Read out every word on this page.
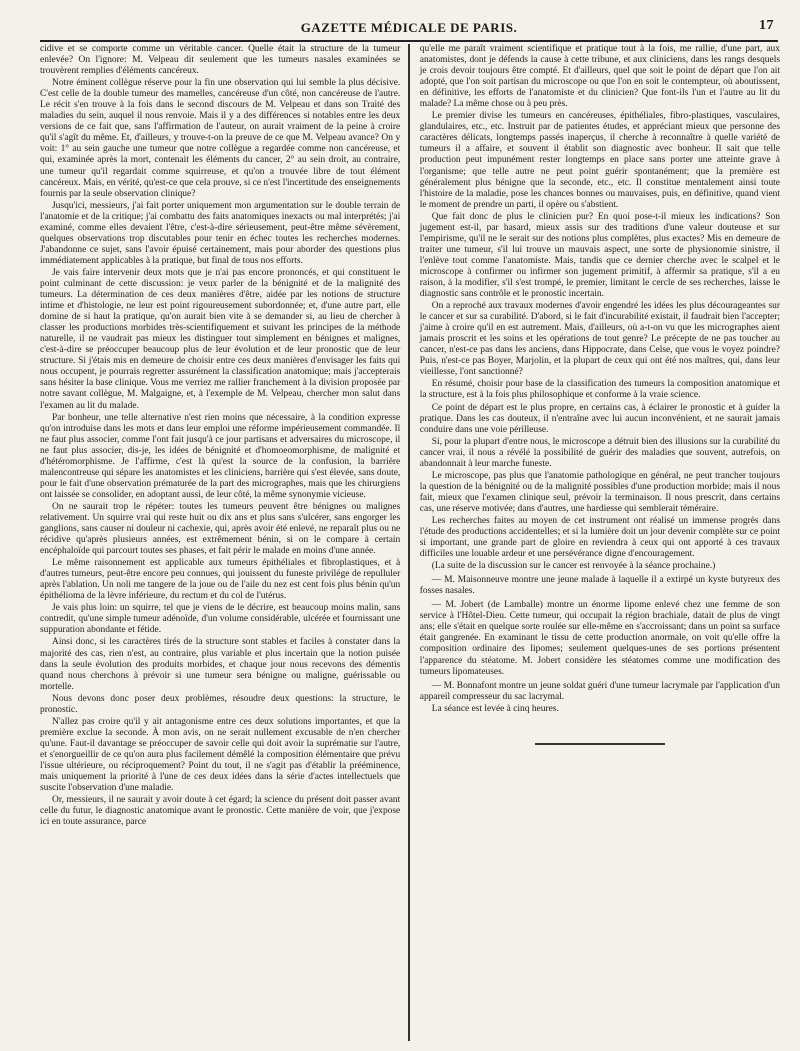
GAZETTE MÉDICALE DE PARIS.	17

cidive et se comporte comme un véritable cancer. Quelle était la structure de la tumeur enlevée? On l'ignore: M. Velpeau dit seulement que les tumeurs nasales examinées se trouvèrent remplies d'éléments cancéreux.

Notre éminent collègue réserve pour la fin une observation qui lui semble la plus décisive. C'est celle de la double tumeur des mamelles, cancéreuse d'un côté, non cancéreuse de l'autre. Le récit s'en trouve à la fois dans le second discours de M. Velpeau et dans son Traité des maladies du sein, auquel il nous renvoie. Mais il y a des différences si notables entre les deux versions de ce fait que, sans l'affirmation de l'auteur, on aurait vraiment de la peine à croire qu'il s'agît du même. Et, d'ailleurs, y trouve-t-on la preuve de ce que M. Velpeau avance? On y voit: 1° au sein gauche une tumeur que notre collègue a regardée comme non cancéreuse, et qui, examinée après la mort, contenait les éléments du cancer, 2° au sein droit, au contraire, une tumeur qu'il regardait comme squirreuse, et qu'on a trouvée libre de tout élément cancéreux. Mais, en vérité, qu'est-ce que cela prouve, si ce n'est l'incertitude des enseignements fournis par la seule observation clinique?

Jusqu'ici, messieurs, j'ai fait porter uniquement mon argumentation sur le double terrain de l'anatomie et de la critique; j'ai combattu des faits anatomiques inexacts ou mal interprétés; j'ai examiné, comme elles devaient l'être, c'est-à-dire sérieusement, peut-être même sévèrement, quelques observations trop discutables pour tenir en échec toutes les recherches modernes. J'abandonne ce sujet, sans l'avoir épuisé certainement, mais pour aborder des questions plus immédiatement applicables à la pratique, but final de tous nos efforts.

Je vais faire intervenir deux mots que je n'ai pas encore prononcés, et qui constituent le point culminant de cette discussion: je veux parler de la bénignité et de la malignité des tumeurs. La détermination de ces deux manières d'être, aidée par les notions de structure intime et d'histologie, ne leur est point rigoureusement subordonnée; et, d'une autre part, elle domine de si haut la pratique, qu'on aurait bien vite à se demander si, au lieu de chercher à classer les productions morbides très-scientifiquement et suivant les principes de la méthode naturelle, il ne vaudrait pas mieux les distinguer tout simplement en bénignes et malignes, c'est-à-dire se préoccuper beaucoup plus de leur évolution et de leur pronostic que de leur structure. Si j'étais mis en demeure de choisir entre ces deux manières d'envisager les faits qui nous occupent, je pourrais regretter assurément la classification anatomique; mais j'accepterais sans hésiter la base clinique. Vous me verriez me rallier franchement à la division proposée par notre savant collègue, M. Malgaigne, et, à l'exemple de M. Velpeau, chercher mon salut dans l'examen au lit du malade.

Par bonheur, une telle alternative n'est rien moins que nécessaire, à la condition expresse qu'on introduise dans les mots et dans leur emploi une réforme impérieusement commandée. Il ne faut plus associer, comme l'ont fait jusqu'à ce jour partisans et adversaires du microscope, il ne faut plus associer, dis-je, les idées de bénignité et d'homoeomorphisme, de malignité et d'hétéromorphisme. Je l'affirme, c'est là qu'est la source de la confusion, la barrière malencontreuse qui sépare les anatomistes et les cliniciens, barrière qui s'est élevée, sans doute, pour le fait d'une observation prématurée de la part des micrographes, mais que les chirurgiens ont laissée se consolider, en adoptant aussi, de leur côté, la même synonymie vicieuse.

On ne saurait trop le répéter: toutes les tumeurs peuvent être bénignes ou malignes relativement. Un squirre vrai qui reste huit ou dix ans et plus sans s'ulcérer, sans engorger les ganglions, sans causer ni douleur ni cachexie, qui, après avoir été enlevé, ne reparaît plus ou ne récidive qu'après plusieurs années, est extrêmement bénin, si on le compare à certain encéphaloïde qui parcourt toutes ses phases, et fait périr le malade en moins d'une année.

Le même raisonnement est applicable aux tumeurs épithéliales et fibroplastiques, et à d'autres tumeurs, peut-être encore peu connues, qui jouissent du funeste privilége de repulluler après l'ablation. Un noli me tangere de la joue ou de l'aile du nez est cent fois plus bénin qu'un épithélioma de la lèvre inférieure, du rectum et du col de l'utérus.

Je vais plus loin: un squirre, tel que je viens de le décrire, est beaucoup moins malin, sans contredit, qu'une simple tumeur adénoïde, d'un volume considérable, ulcérée et fournissant une suppuration abondante et fétide.

Ainsi donc, si les caractères tirés de la structure sont stables et faciles à constater dans la majorité des cas, rien n'est, au contraire, plus variable et plus incertain que la notion puisée dans la seule évolution des produits morbides, et chaque jour nous recevons des démentis quand nous cherchons à prévoir si une tumeur sera bénigne ou maligne, guérissable ou mortelle.

Nous devons donc poser deux problèmes, résoudre deux questions: la structure, le pronostic.

N'allez pas croire qu'il y ait antagonisme entre ces deux solutions importantes, et que la première exclue la seconde. À mon avis, on ne serait nullement excusable de n'en chercher qu'une. Faut-il davantage se préoccuper de savoir celle qui doit avoir la suprématie sur l'autre, et s'enorgueillir de ce qu'on aura plus facilement démêlé la composition élémentaire que prévu l'issue ultérieure, ou réciproquement? Point du tout, il ne s'agit pas d'établir la prééminence, mais uniquement la priorité à l'une de ces deux idées dans la série d'actes intellectuels que suscite l'observation d'une maladie.

Or, messieurs, il ne saurait y avoir doute à cet égard; la science du présent doit passer avant celle du futur, le diagnostic anatomique avant le pronostic. Cette manière de voir, que j'expose ici en toute assurance, parce

qu'elle me paraît vraiment scientifique et pratique tout à la fois, me rallie, d'une part, aux anatomistes, dont je défends la cause à cette tribune, et aux cliniciens, dans les rangs desquels je crois devoir toujours être compté. Et d'ailleurs, quel que soit le point de départ que l'on ait adopté, que l'on soit partisan du microscope ou que l'on en soit le contempteur, où aboutissent, en définitive, les efforts de l'anatomiste et du clinicien? Que font-ils l'un et l'autre au lit du malade? La même chose ou à peu près.

Le premier divise les tumeurs en cancéreuses, épithéliales, fibro-plastiques, vasculaires, glandulaires, etc., etc. Instruit par de patientes études, et appréciant mieux que personne des caractères délicats, longtemps passés inaperçus, il cherche à reconnaître à quelle variété de tumeurs il a affaire, et souvent il établit son diagnostic avec bonheur. Il sait que telle production peut impunément rester longtemps en place sans porter une atteinte grave à l'organisme; que telle autre ne peut point guérir spontanément; que la première est généralement plus bénigne que la seconde, etc., etc. Il constitue mentalement ainsi toute l'histoire de la maladie, pose les chances bonnes ou mauvaises, puis, en définitive, quand vient le moment de prendre un parti, il opère ou s'abstient.

Que fait donc de plus le clinicien pur? En quoi pose-t-il mieux les indications? Son jugement est-il, par hasard, mieux assis sur des traditions d'une valeur douteuse et sur l'empirisme, qu'il ne le serait sur des notions plus complètes, plus exactes? Mis en demeure de traiter une tumeur, s'il lui trouve un mauvais aspect, une sorte de physionomie sinistre, il l'enlève tout comme l'anatomiste. Mais, tandis que ce dernier cherche avec le scalpel et le microscope à confirmer ou infirmer son jugement primitif, à affermir sa pratique, s'il a eu raison, à la modifier, s'il s'est trompé, le premier, limitant le cercle de ses recherches, laisse le diagnostic sans contrôle et le pronostic incertain.

On a reproché aux travaux modernes d'avoir engendré les idées les plus décourageantes sur le cancer et sur sa curabilité. D'abord, si le fait d'incurabilité existait, il faudrait bien l'accepter; j'aime à croire qu'il en est autrement. Mais, d'ailleurs, où a-t-on vu que les micrographes aient jamais proscrit et les soins et les opérations de tout genre? Le précepte de ne pas toucher au cancer, n'est-ce pas dans les anciens, dans Hippocrate, dans Celse, que vous le voyez poindre? Puis, n'est-ce pas Boyer, Marjolin, et la plupart de ceux qui ont été nos maîtres, qui, dans leur vieillesse, l'ont sanctionné?

En résumé, choisir pour base de la classification des tumeurs la composition anatomique et la structure, est à la fois plus philosophique et conforme à la vraie science.

Ce point de départ est le plus propre, en certains cas, à éclairer le pronostic et à guider la pratique. Dans les cas douteux, il n'entraîne avec lui aucun inconvénient, et ne saurait jamais conduire dans une voie périlleuse.

Si, pour la plupart d'entre nous, le microscope a détruit bien des illusions sur la curabilité du cancer vrai, il nous a révélé la possibilité de guérir des maladies que souvent, autrefois, on abandonnait à leur marche funeste.

Le microscope, pas plus que l'anatomie pathologique en général, ne peut trancher toujours la question de la bénignité ou de la malignité possibles d'une production morbide; mais il nous fait, mieux que l'examen clinique seul, prévoir la terminaison. Il nous prescrit, dans certains cas, une réserve motivée; dans d'autres, une hardiesse qui semblerait téméraire.

Les recherches faites au moyen de cet instrument ont réalisé un immense progrès dans l'étude des productions accidentelles; et si la lumière doit un jour devenir complète sur ce point si important, une grande part de gloire en reviendra à ceux qui ont apporté à ces travaux difficiles une louable ardeur et une persévérance digne d'encouragement.

(La suite de la discussion sur le cancer est renvoyée à la séance prochaine.)

— M. Maisonneuve montre une jeune malade à laquelle il a extirpé un kyste butyreux des fosses nasales.

— M. Jobert (de Lamballe) montre un énorme lipome enlevé chez une femme de son service à l'Hôtel-Dieu. Cette tumeur, qui occupait la région brachiale, datait de plus de vingt ans; elle s'était en quelque sorte roulée sur elle-même en s'accroissant; dans un point sa surface était gangrenée. En examinant le tissu de cette production anormale, on voit qu'elle offre la composition ordinaire des lipomes; seulement quelques-unes de ses portions présentent l'apparence du stéatome. M. Jobert considère les stéatomes comme une modification des tumeurs lipomateuses.

— M. Bonnafont montre un jeune soldat guéri d'une tumeur lacrymale par l'application d'un appareil compresseur du sac lacrymal.

La séance est levée à cinq heures.
